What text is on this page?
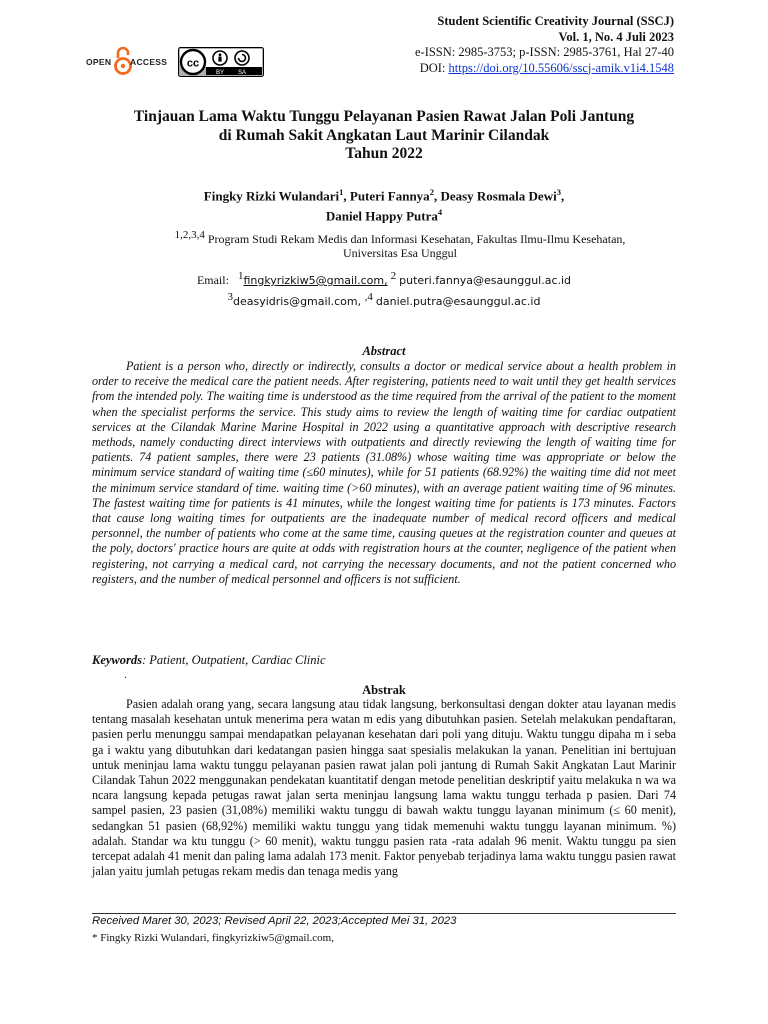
OPEN ACCESS cc
BY SA
Student Scientific Creativity Journal (SSCJ)
Vol. 1, No. 4 Juli 2023
e-ISSN: 2985-3753; p-ISSN: 2985-3761, Hal 27-40
DOI: https://doi.org/10.55606/sscj-amik.v1i4.1548
Tinjauan Lama Waktu Tunggu Pelayanan Pasien Rawat Jalan Poli Jantung
di Rumah Sakit Angkatan Laut Marinir Cilandak
Tahun 2022
Fingky Rizki Wulandari$^1$, Puteri Fannya$^2$, Deasy Rosmala Dewi$^3$,
Daniel Happy Putra$^4$
1,2,3,4 Program Studi Rekam Medis dan Informasi Kesehatan, Fakultas Ilmu-Ilmu Kesehatan,
Universitas Esa Unggul
Email: 1fingkyrizkiw5@gmail.com, 2 puteri.fannya@esaunggul.ac.id
3deasyidris@gmail.com, ,4 daniel.putra@esaunggul.ac.id
Abstract

Patient is a person who, directly or indirectly, consults a doctor or medical service about a health problem in order to receive the medical care the patient needs. After registering, patients need to wait until they get health services from the intended poly. The waiting time is understood as the time required from the arrival of the patient to the moment when the specialist performs the service. This study aims to review the length of waiting time for cardiac outpatient services at the Cilandak Marine Marine Hospital in 2022 using a quantitative approach with descriptive research methods, namely conducting direct interviews with outpatients and directly reviewing the length of waiting time for patients. 74 patient samples, there were 23 patients (31.08%) whose waiting time was appropriate or below the minimum service standard of waiting time (≤60 minutes), while for 51 patients (68.92%) the waiting time did not meet the minimum service standard of time. waiting time (>60 minutes), with an average patient waiting time of 96 minutes. The fastest waiting time for patients is 41 minutes, while the longest waiting time for patients is 173 minutes. Factors that cause long waiting times for outpatients are the inadequate number of medical record officers and medical personnel, the number of patients who come at the same time, causing queues at the registration counter and queues at the poly, doctors' practice hours are quite at odds with registration hours at the counter, negligence of the patient when registering, not carrying a medical card, not carrying the necessary documents, and not the patient concerned who registers, and the number of medical personnel and officers is not sufficient.

Keywords: Patient, Outpatient, Cardiac Clinic
.
Abstrak

Pasien adalah orang yang, secara langsung atau tidak langsung, berkonsultasi dengan dokter atau layanan medis tentang masalah kesehatan untuk menerima pera watan m edis yang dibutuhkan pasien. Setelah melakukan pendaftaran, pasien perlu menunggu sampai mendapatkan pelayanan kesehatan dari poli yang dituju. Waktu tunggu dipaha m i seba ga i waktu yang dibutuhkan dari kedatangan pasien hingga saat spesialis melakukan la yanan. Penelitian ini bertujuan untuk meninjau lama waktu tunggu pelayanan pasien rawat jalan poli jantung di Rumah Sakit Angkatan Laut Marinir Cilandak Tahun 2022 menggunakan pendekatan kuantitatif dengan metode penelitian deskriptif yaitu melakuka n wa wa ncara langsung kepada petugas rawat jalan serta meninjau langsung lama waktu tunggu terhada p pasien. Dari 74 sampel pasien, 23 pasien (31,08%) memiliki waktu tunggu di bawah waktu tunggu layanan minimum (≤ 60 menit), sedangkan 51 pasien (68,92%) memiliki waktu tunggu yang tidak memenuhi waktu tunggu layanan minimum. %) adalah. Standar wa ktu tunggu (> 60 menit), waktu tunggu pasien rata -rata adalah 96 menit. Waktu tunggu pa sien tercepat adalah 41 menit dan paling lama adalah 173 menit. Faktor penyebab terjadinya lama waktu tunggu pasien rawat jalan yaitu jumlah petugas rekam medis dan tenaga medis yang

Received Maret 30, 2023; Revised April 22, 2023;Accepted Mei 31, 2023
* Fingky Rizki Wulandari, fingkyrizkiw5@gmail.com,
